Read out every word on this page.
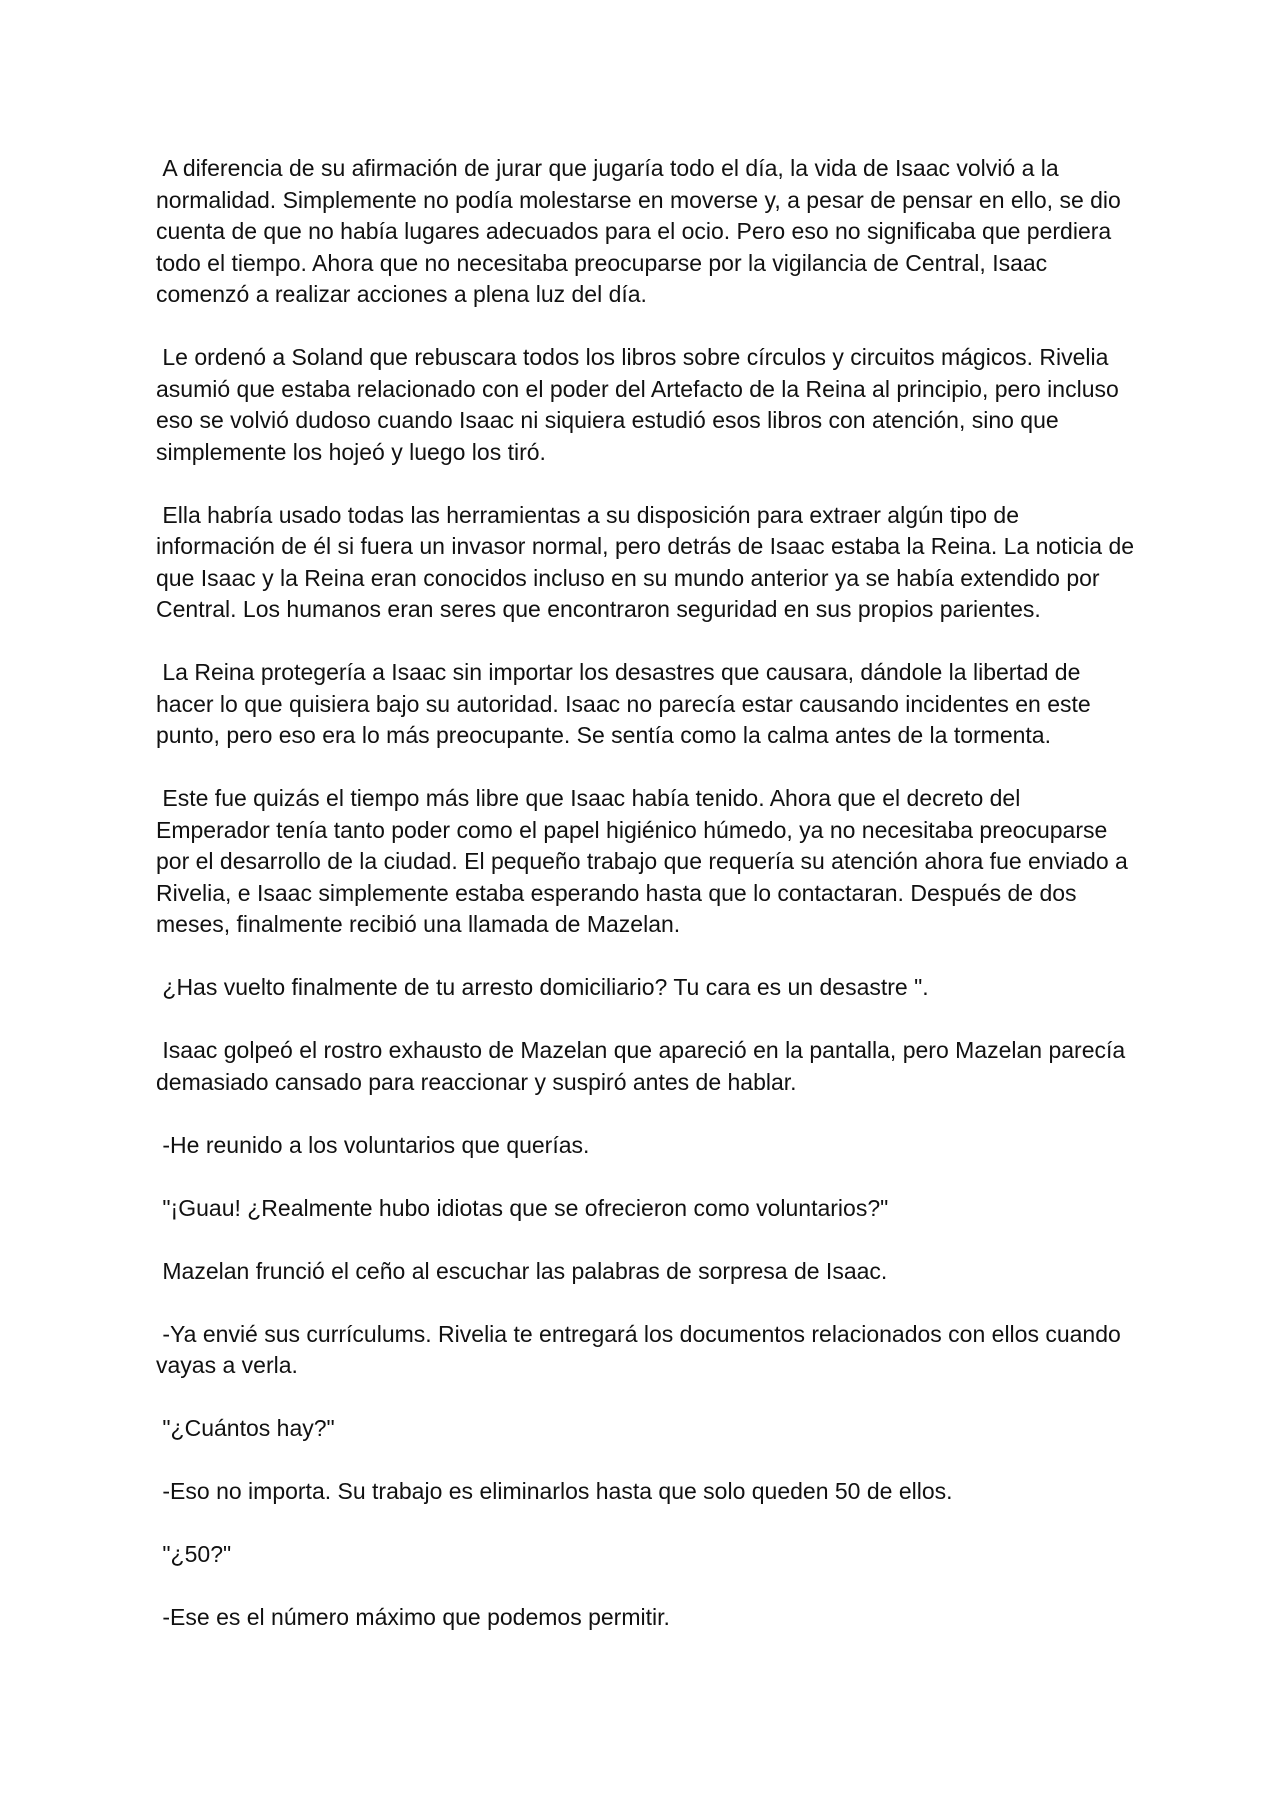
A diferencia de su afirmación de jurar que jugaría todo el día, la vida de Isaac volvió a la normalidad. Simplemente no podía molestarse en moverse y, a pesar de pensar en ello, se dio cuenta de que no había lugares adecuados para el ocio. Pero eso no significaba que perdiera todo el tiempo. Ahora que no necesitaba preocuparse por la vigilancia de Central, Isaac comenzó a realizar acciones a plena luz del día.

Le ordenó a Soland que rebuscara todos los libros sobre círculos y circuitos mágicos. Rivelia asumió que estaba relacionado con el poder del Artefacto de la Reina al principio, pero incluso eso se volvió dudoso cuando Isaac ni siquiera estudió esos libros con atención, sino que simplemente los hojeó y luego los tiró.

Ella habría usado todas las herramientas a su disposición para extraer algún tipo de información de él si fuera un invasor normal, pero detrás de Isaac estaba la Reina. La noticia de que Isaac y la Reina eran conocidos incluso en su mundo anterior ya se había extendido por Central. Los humanos eran seres que encontraron seguridad en sus propios parientes.

La Reina protegería a Isaac sin importar los desastres que causara, dándole la libertad de hacer lo que quisiera bajo su autoridad. Isaac no parecía estar causando incidentes en este punto, pero eso era lo más preocupante. Se sentía como la calma antes de la tormenta.

Este fue quizás el tiempo más libre que Isaac había tenido. Ahora que el decreto del Emperador tenía tanto poder como el papel higiénico húmedo, ya no necesitaba preocuparse por el desarrollo de la ciudad. El pequeño trabajo que requería su atención ahora fue enviado a Rivelia, e Isaac simplemente estaba esperando hasta que lo contactaran. Después de dos meses, finalmente recibió una llamada de Mazelan.

¿Has vuelto finalmente de tu arresto domiciliario? Tu cara es un desastre ".

Isaac golpeó el rostro exhausto de Mazelan que apareció en la pantalla, pero Mazelan parecía demasiado cansado para reaccionar y suspiró antes de hablar.

-He reunido a los voluntarios que querías.

"¡Guau! ¿Realmente hubo idiotas que se ofrecieron como voluntarios?"

Mazelan frunció el ceño al escuchar las palabras de sorpresa de Isaac.

-Ya envié sus currículums. Rivelia te entregará los documentos relacionados con ellos cuando vayas a verla.

"¿Cuántos hay?"

-Eso no importa. Su trabajo es eliminarlos hasta que solo queden 50 de ellos.

"¿50?"

-Ese es el número máximo que podemos permitir.
